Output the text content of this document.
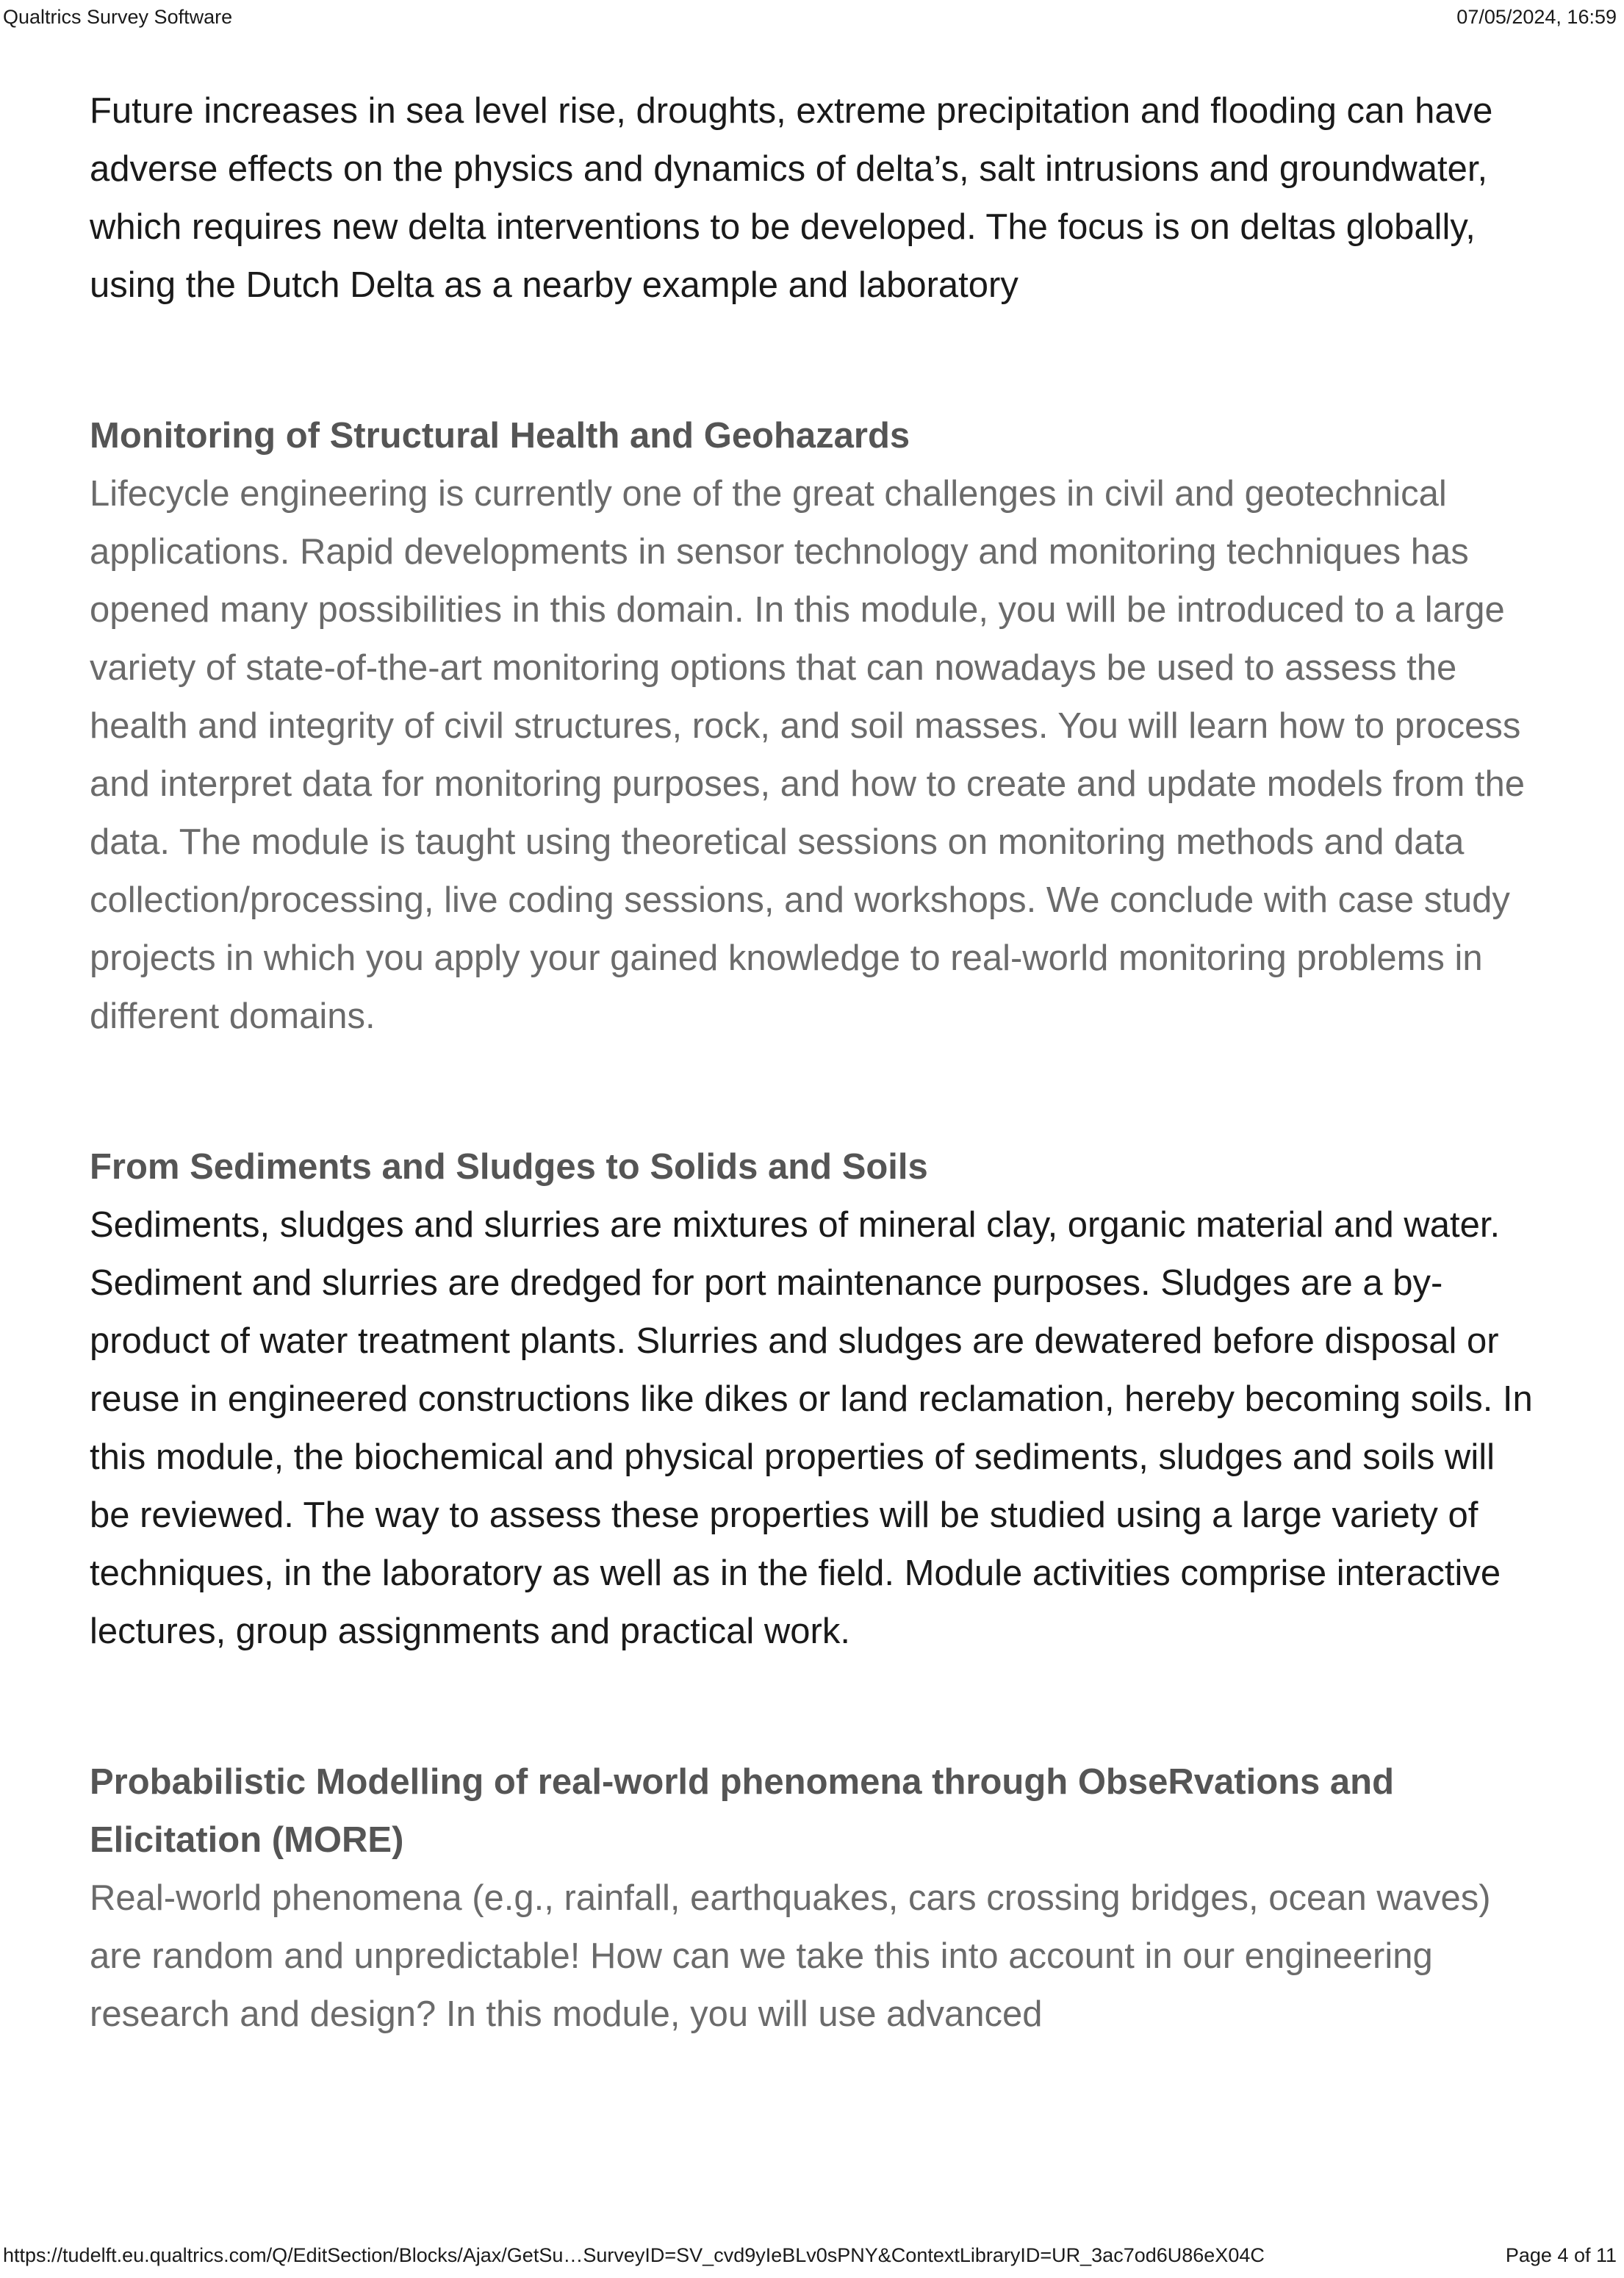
Qualtrics Survey Software	07/05/2024, 16:59

Future increases in sea level rise, droughts, extreme precipitation and flooding can have adverse effects on the physics and dynamics of delta’s, salt intrusions and groundwater, which requires new delta interventions to be developed. The focus is on deltas globally, using the Dutch Delta as a nearby example and laboratory

Monitoring of Structural Health and Geohazards

Lifecycle engineering is currently one of the great challenges in civil and geotechnical applications. Rapid developments in sensor technology and monitoring techniques has opened many possibilities in this domain. In this module, you will be introduced to a large variety of state-of-the-art monitoring options that can nowadays be used to assess the health and integrity of civil structures, rock, and soil masses. You will learn how to process and interpret data for monitoring purposes, and how to create and update models from the data. The module is taught using theoretical sessions on monitoring methods and data collection/processing, live coding sessions, and workshops. We conclude with case study projects in which you apply your gained knowledge to real-world monitoring problems in different domains.

From Sediments and Sludges to Solids and Soils

Sediments, sludges and slurries are mixtures of mineral clay, organic material and water. Sediment and slurries are dredged for port maintenance purposes. Sludges are a by-product of water treatment plants. Slurries and sludges are dewatered before disposal or reuse in engineered constructions like dikes or land reclamation, hereby becoming soils. In this module, the biochemical and physical properties of sediments, sludges and soils will be reviewed. The way to assess these properties will be studied using a large variety of techniques, in the laboratory as well as in the field. Module activities comprise interactive lectures, group assignments and practical work.

Probabilistic Modelling of real-world phenomena through ObseRvations and Elicitation (MORE)

Real-world phenomena (e.g., rainfall, earthquakes, cars crossing bridges, ocean waves) are random and unpredictable! How can we take this into account in our engineering research and design? In this module, you will use advanced

https://tudelft.eu.qualtrics.com/Q/EditSection/Blocks/Ajax/GetSu…SurveyID=SV_cvd9yIeBLv0sPNY&ContextLibraryID=UR_3ac7od6U86eX04C	Page 4 of 11
